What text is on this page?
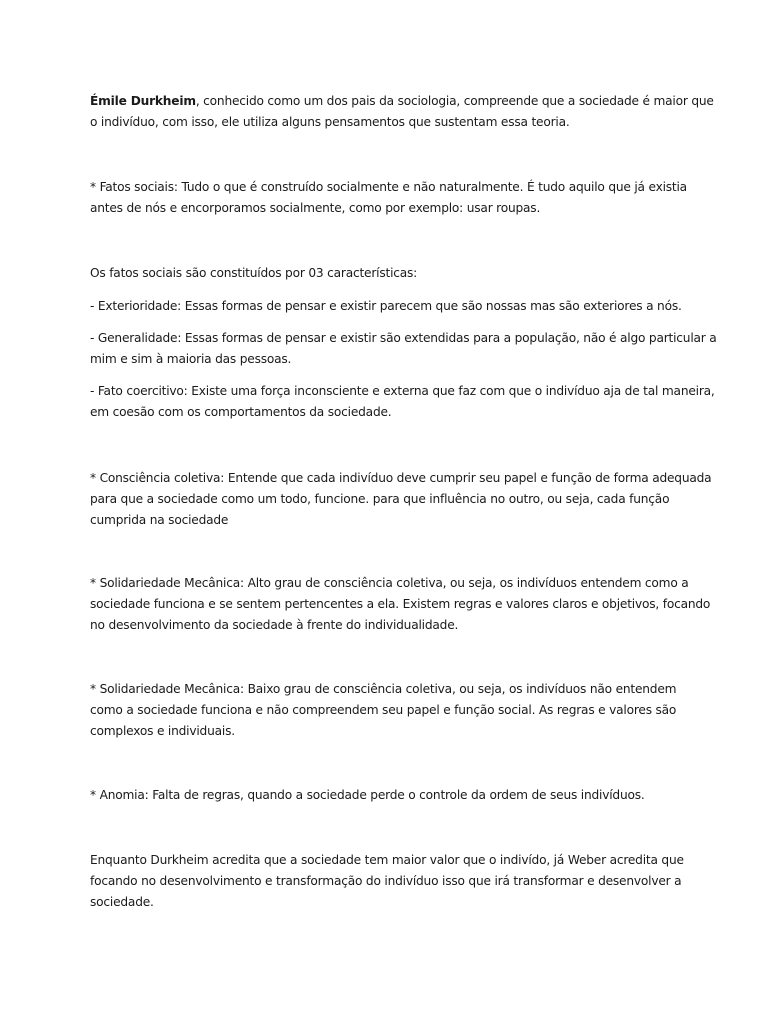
Émile Durkheim, conhecido como um dos pais da sociologia, compreende que a sociedade é maior que
o indivíduo, com isso, ele utiliza alguns pensamentos que sustentam essa teoria.

* Fatos sociais: Tudo o que é construído socialmente e não naturalmente. É tudo aquilo que já existia
antes de nós e encorporamos socialmente, como por exemplo: usar roupas.

Os fatos sociais são constituídos por 03 características:

- Exterioridade: Essas formas de pensar e existir parecem que são nossas mas são exteriores a nós.

- Generalidade: Essas formas de pensar e existir são extendidas para a população, não é algo particular a
mim e sim à maioria das pessoas.

- Fato coercitivo: Existe uma força inconsciente e externa que faz com que o indivíduo aja de tal maneira,
em coesão com os comportamentos da sociedade.

* Consciência coletiva: Entende que cada indivíduo deve cumprir seu papel e função de forma adequada
para que a sociedade como um todo, funcione. para que influência no outro, ou seja, cada função
cumprida na sociedade

* Solidariedade Mecânica: Alto grau de consciência coletiva, ou seja, os indivíduos entendem como a
sociedade funciona e se sentem pertencentes a ela. Existem regras e valores claros e objetivos, focando
no desenvolvimento da sociedade à frente do individualidade.

* Solidariedade Mecânica: Baixo grau de consciência coletiva, ou seja, os indivíduos não entendem
como a sociedade funciona e não compreendem seu papel e função social. As regras e valores são
complexos e individuais.

* Anomia: Falta de regras, quando a sociedade perde o controle da ordem de seus indivíduos.

Enquanto Durkheim acredita que a sociedade tem maior valor que o indivído, já Weber acredita que
focando no desenvolvimento e transformação do indivíduo isso que irá transformar e desenvolver a
sociedade.
